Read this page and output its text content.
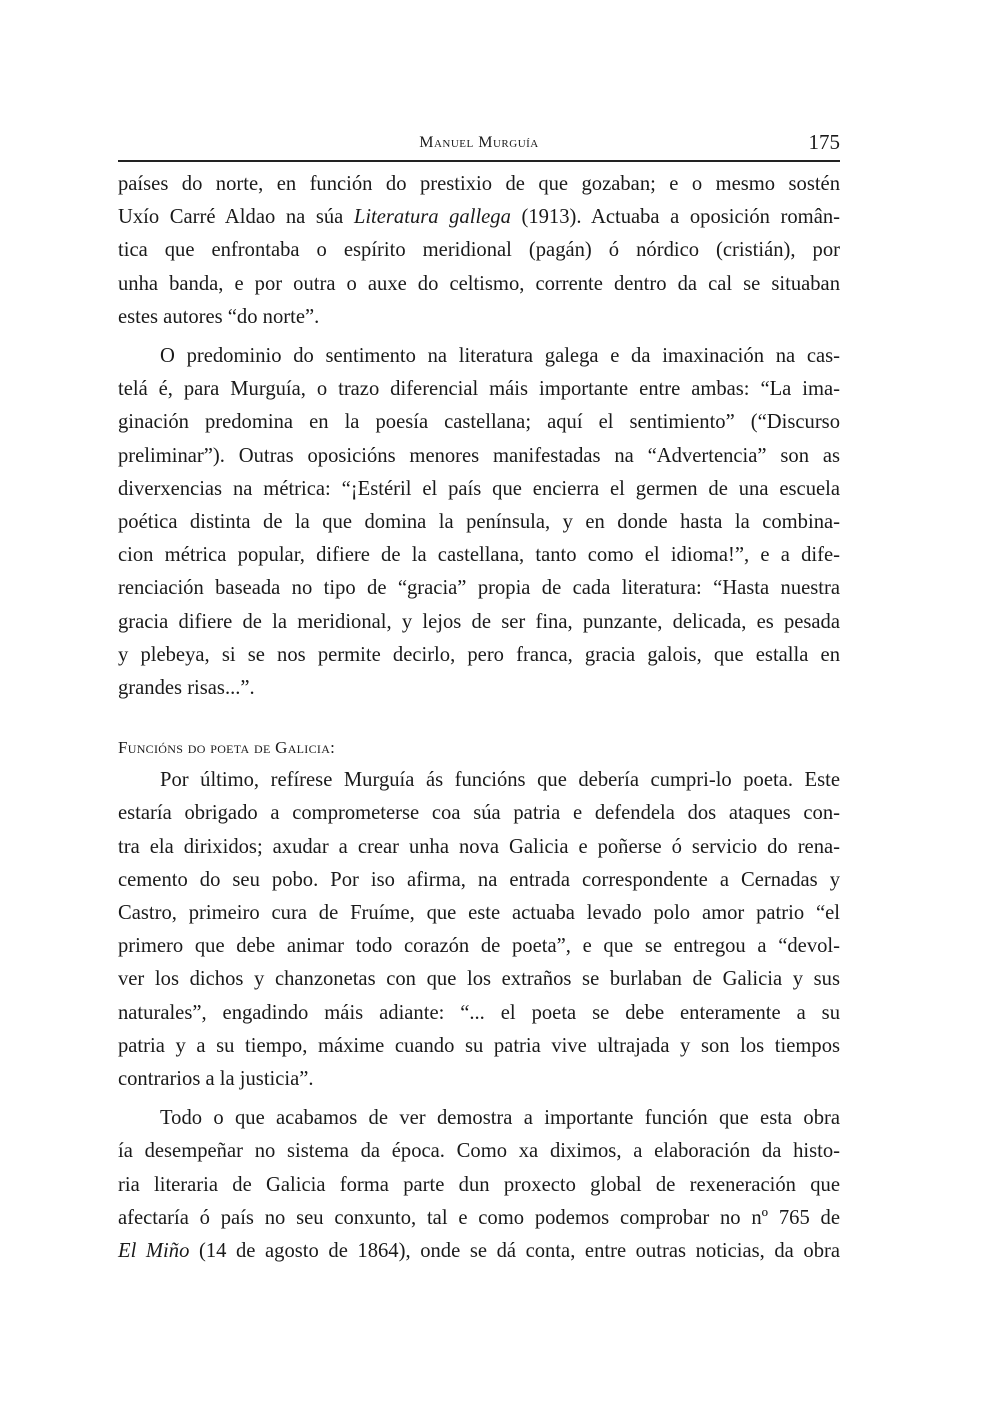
Manuel Murguía	175

países do norte, en función do prestixio de que gozaban; e o mesmo sostén
Uxío Carré Aldao na súa Literatura gallega (1913). Actuaba a oposición român-
tica que enfrontaba o espírito meridional (pagán) ó nórdico (cristián), por
unha banda, e por outra o auxe do celtismo, corrente dentro da cal se situaban
estes autores “do norte”.

O predominio do sentimento na literatura galega e da imaxinación na cas-
telá é, para Murguía, o trazo diferencial máis importante entre ambas: “La ima-
ginación predomina en la poesía castellana; aquí el sentimiento” (“Discurso
preliminar”). Outras oposicións menores manifestadas na “Advertencia” son as
diverxencias na métrica: “¡Estéril el país que encierra el germen de una escuela
poética distinta de la que domina la península, y en donde hasta la combina-
cion métrica popular, difiere de la castellana, tanto como el idioma!”, e a dife-
renciación baseada no tipo de “gracia” propia de cada literatura: “Hasta nuestra
gracia difiere de la meridional, y lejos de ser fina, punzante, delicada, es pesada
y plebeya, si se nos permite decirlo, pero franca, gracia galois, que estalla en
grandes risas...”.

Funcións do poeta de Galicia:

Por último, refírese Murguía ás funcións que debería cumpri-lo poeta. Este
estaría obrigado a comprometerse coa súa patria e defendela dos ataques con-
tra ela dirixidos; axudar a crear unha nova Galicia e poñerse ó servicio do rena-
cemento do seu pobo. Por iso afirma, na entrada correspondente a Cernadas y
Castro, primeiro cura de Fruíme, que este actuaba levado polo amor patrio “el
primero que debe animar todo corazón de poeta”, e que se entregou a “devol-
ver los dichos y chanzonetas con que los extraños se burlaban de Galicia y sus
naturales”, engadindo máis adiante: “... el poeta se debe enteramente a su
patria y a su tiempo, máxime cuando su patria vive ultrajada y son los tiempos
contrarios a la justicia”.

Todo o que acabamos de ver demostra a importante función que esta obra
ía desempeñar no sistema da época. Como xa diximos, a elaboración da histo-
ria literaria de Galicia forma parte dun proxecto global de rexeneración que
afectaría ó país no seu conxunto, tal e como podemos comprobar no nº 765 de
El Miño (14 de agosto de 1864), onde se dá conta, entre outras noticias, da obra
